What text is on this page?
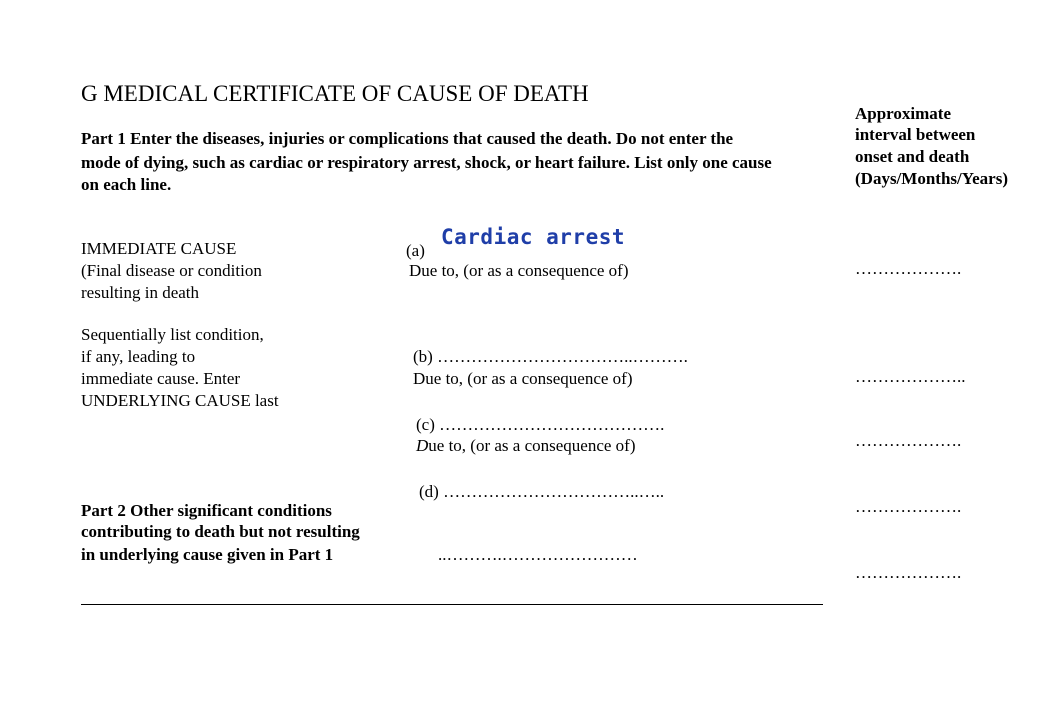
G MEDICAL CERTIFICATE OF CAUSE OF DEATH
Part 1 Enter the diseases, injuries or complications that caused the death. Do not enter the
mode of dying, such as cardiac or respiratory arrest, shock, or heart failure. List only one cause
on each line.
Approximate
interval between
onset and death
(Days/Months/Years)
IMMEDIATE CAUSE
(Final disease or condition
resulting in death
Sequentially list condition,
if any, leading to
immediate cause. Enter
UNDERLYING CAUSE last
(a)
Cardiac arrest
Due to, (or as a consequence of)
(b) ……………………………..……….
Due to, (or as a consequence of)
(c) ………………………………….
Due to, (or as a consequence of)
(d) ……………………………..…..
Part 2 Other significant conditions
contributing to death but not resulting
in underlying cause given in Part 1	..……….……………………
……………….
………………..
……………….
……………….
……………….
